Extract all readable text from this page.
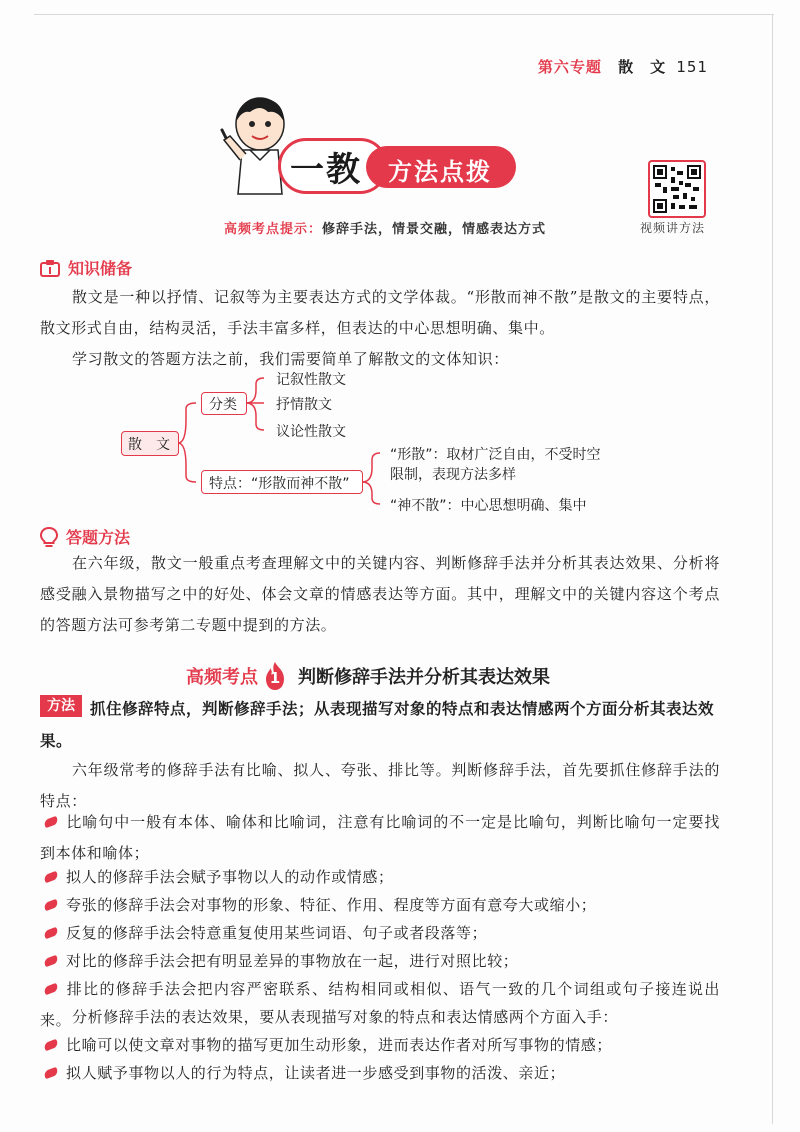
第六专题 散　文 151
一教 方法点拨
高频考点提示：修辞手法，情景交融，情感表达方式	视频讲方法
知识储备
散文是一种以抒情、记叙等为主要表达方式的文学体裁。“形散而神不散”是散文的主要特点，散文形式自由，结构灵活，手法丰富多样，但表达的中心思想明确、集中。
学习散文的答题方法之前，我们需要简单了解散文的文体知识：
散　文
分类
记叙性散文
抒情散文
议论性散文
特点：“形散而神不散”
“形散”：取材广泛自由，不受时空
限制，表现方法多样
“神不散”：中心思想明确、集中
答题方法
在六年级，散文一般重点考查理解文中的关键内容、判断修辞手法并分析其表达效果、分析将感受融入景物描写之中的好处、体会文章的情感表达等方面。其中，理解文中的关键内容这个考点的答题方法可参考第二专题中提到的方法。
高频考点 1 判断修辞手法并分析其表达效果
抓住修辞特点，判断修辞手法；从表现描写对象的特点和表达情感两个方面分析其表达效果。
方法
六年级常考的修辞手法有比喻、拟人、夸张、排比等。判断修辞手法，首先要抓住修辞手法的特点：
比喻句中一般有本体、喻体和比喻词，注意有比喻词的不一定是比喻句，判断比喻句一定要找到本体和喻体；
拟人的修辞手法会赋予事物以人的动作或情感；
夸张的修辞手法会对事物的形象、特征、作用、程度等方面有意夸大或缩小；
反复的修辞手法会特意重复使用某些词语、句子或者段落等；
对比的修辞手法会把有明显差异的事物放在一起，进行对照比较；
排比的修辞手法会把内容严密联系、结构相同或相似、语气一致的几个词组或句子接连说出来。 分析修辞手法的表达效果，要从表现描写对象的特点和表达情感两个方面入手：
比喻可以使文章对事物的描写更加生动形象，进而表达作者对所写事物的情感；
拟人赋予事物以人的行为特点，让读者进一步感受到事物的活泼、亲近；
